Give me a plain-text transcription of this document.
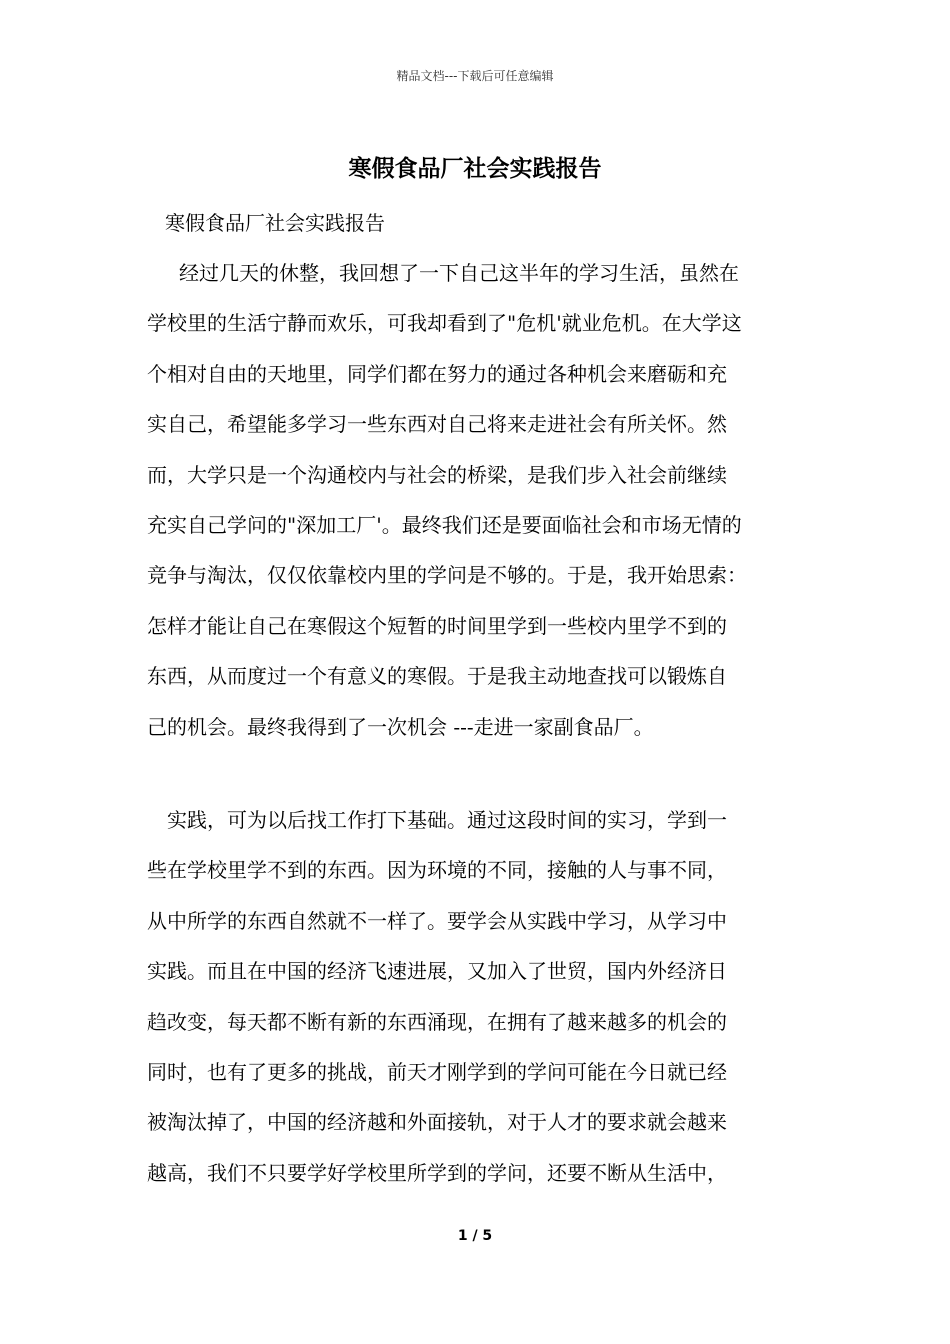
精品文档---下载后可任意编辑
寒假食品厂社会实践报告
寒假食品厂社会实践报告
经过几天的休整，我回想了一下自己这半年的学习生活，虽然在
学校里的生活宁静而欢乐，可我却看到了"危机'就业危机。在大学这
个相对自由的天地里，同学们都在努力的通过各种机会来磨砺和充
实自己，希望能多学习一些东西对自己将来走进社会有所关怀。然
而，大学只是一个沟通校内与社会的桥梁，是我们步入社会前继续
充实自己学问的"深加工厂'。最终我们还是要面临社会和市场无情的
竞争与淘汰，仅仅依靠校内里的学问是不够的。于是，我开始思索：
怎样才能让自己在寒假这个短暂的时间里学到一些校内里学不到的
东西，从而度过一个有意义的寒假。于是我主动地查找可以锻炼自
己的机会。最终我得到了一次机会 ---走进一家副食品厂。
实践，可为以后找工作打下基础。通过这段时间的实习，学到一
些在学校里学不到的东西。因为环境的不同，接触的人与事不同，
从中所学的东西自然就不一样了。要学会从实践中学习，从学习中
实践。而且在中国的经济飞速进展，又加入了世贸，国内外经济日
趋改变，每天都不断有新的东西涌现，在拥有了越来越多的机会的
同时，也有了更多的挑战，前天才刚学到的学问可能在今日就已经
被淘汰掉了，中国的经济越和外面接轨，对于人才的要求就会越来
越高，我们不只要学好学校里所学到的学问，还要不断从生活中，
1 / 5
